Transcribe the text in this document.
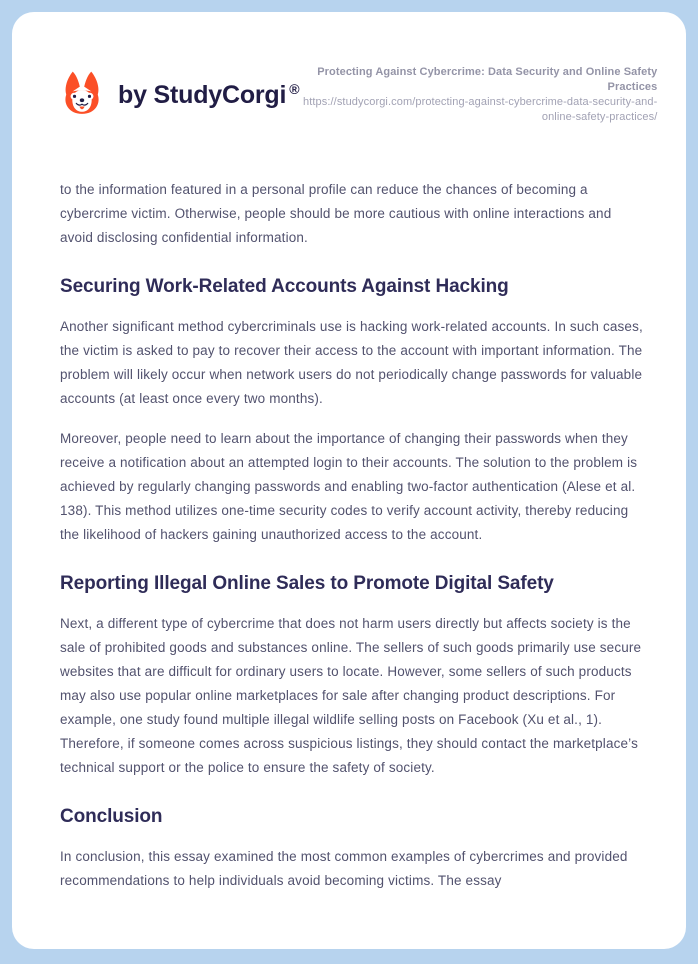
by StudyCorgi ®
Protecting Against Cybercrime: Data Security and Online Safety Practices
https://studycorgi.com/protecting-against-cybercrime-data-security-and-online-safety-practices/

to the information featured in a personal profile can reduce the chances of becoming a cybercrime victim. Otherwise, people should be more cautious with online interactions and avoid disclosing confidential information.

Securing Work-Related Accounts Against Hacking

Another significant method cybercriminals use is hacking work-related accounts. In such cases, the victim is asked to pay to recover their access to the account with important information. The problem will likely occur when network users do not periodically change passwords for valuable accounts (at least once every two months).

Moreover, people need to learn about the importance of changing their passwords when they receive a notification about an attempted login to their accounts. The solution to the problem is achieved by regularly changing passwords and enabling two-factor authentication (Alese et al. 138). This method utilizes one-time security codes to verify account activity, thereby reducing the likelihood of hackers gaining unauthorized access to the account.

Reporting Illegal Online Sales to Promote Digital Safety

Next, a different type of cybercrime that does not harm users directly but affects society is the sale of prohibited goods and substances online. The sellers of such goods primarily use secure websites that are difficult for ordinary users to locate. However, some sellers of such products may also use popular online marketplaces for sale after changing product descriptions. For example, one study found multiple illegal wildlife selling posts on Facebook (Xu et al., 1). Therefore, if someone comes across suspicious listings, they should contact the marketplace’s technical support or the police to ensure the safety of society.

Conclusion

In conclusion, this essay examined the most common examples of cybercrimes and provided recommendations to help individuals avoid becoming victims. The essay
